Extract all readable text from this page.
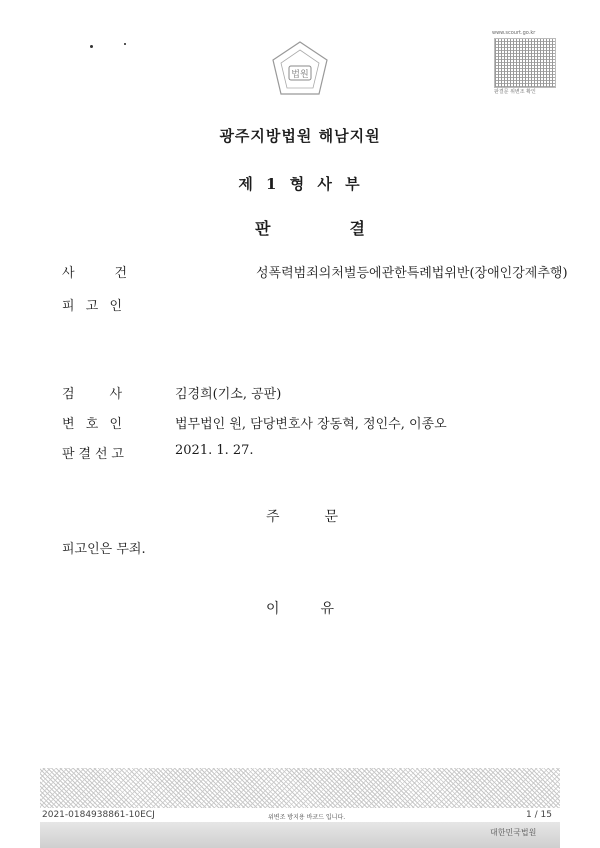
법원
www.scourt.go.kr
판결문 위변조 확인
광주지방법원 해남지원
제 1 형 사 부
판	결
사	건	성폭력범죄의처벌등에관한특례법위반(장애인강제추행)
피 고 인
검	사	김경희(기소, 공판)
변 호 인	법무법인 원, 담당변호사 장동혁, 정인수, 이종오
판 결 선 고	2021. 1. 27.
주	문
피고인은 무죄.
이	유
2021-0184938861-10ECJ	위변조 방지용 바코드 입니다.	1 / 15
대한민국법원
